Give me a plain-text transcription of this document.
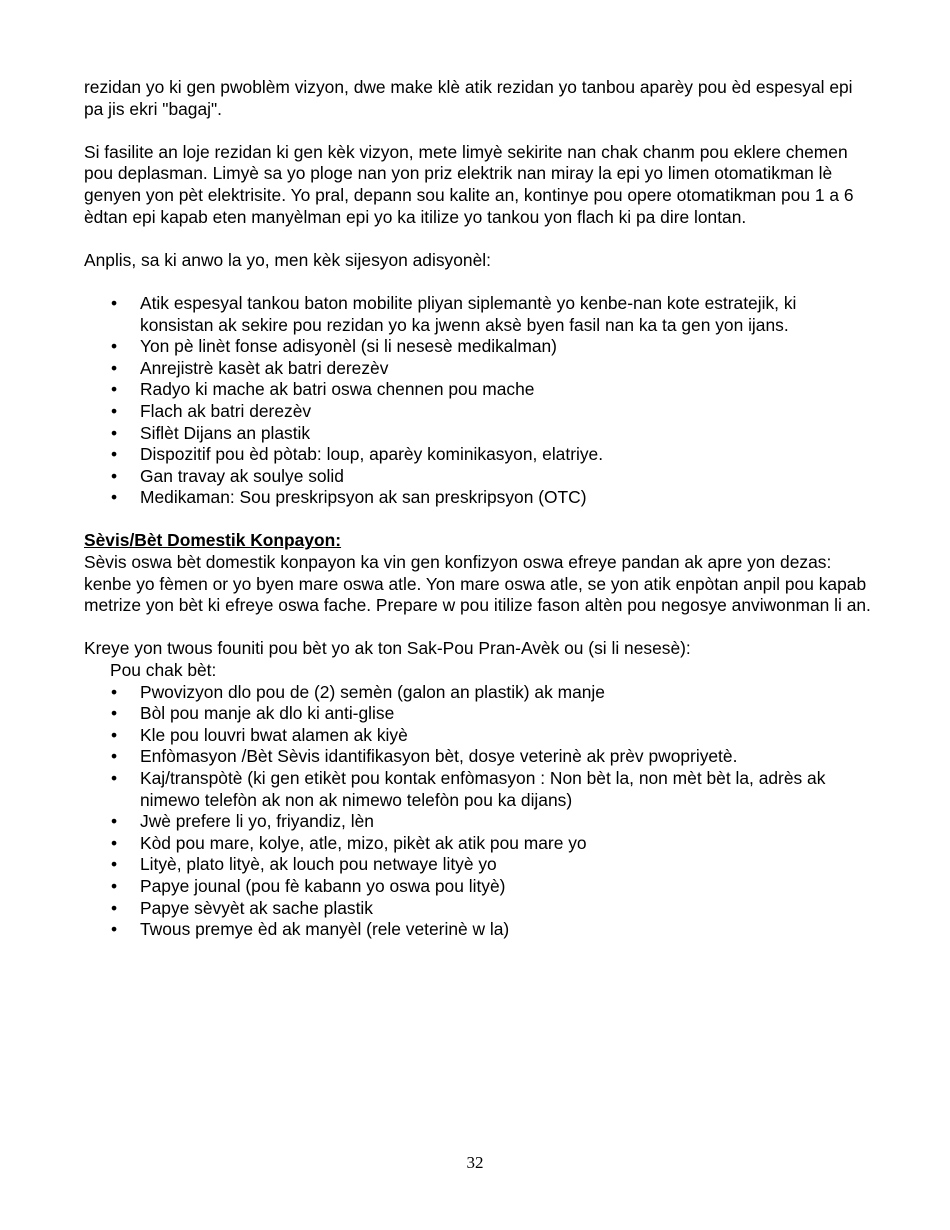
rezidan yo ki gen pwoblèm vizyon, dwe make klè atik rezidan yo tanbou aparèy pou èd espesyal epi pa jis ekri "bagaj".

Si fasilite an loje rezidan ki gen kèk vizyon, mete limyè sekirite nan chak chanm pou eklere chemen pou deplasman. Limyè sa yo ploge nan yon priz elektrik nan miray la epi yo limen otomatikman lè genyen yon pèt elektrisite. Yo pral, depann sou kalite an, kontinye pou opere otomatikman pou 1 a 6 èdtan epi kapab eten manyèlman epi yo ka itilize yo tankou yon flach ki pa dire lontan.

Anplis, sa ki anwo la yo, men kèk sijesyon adisyonèl:

• Atik espesyal tankou baton mobilite pliyan siplemantè yo kenbe-nan kote estratejik, ki konsistan ak sekire pou rezidan yo ka jwenn aksè byen fasil nan ka ta gen yon ijans.
• Yon pè linèt fonse adisyonèl (si li nesesè medikalman)
• Anrejistrè kasèt ak batri derezèv
• Radyo ki mache ak batri oswa chennen pou mache
• Flach ak batri derezèv
• Siflèt Dijans an plastik
• Dispozitif pou èd pòtab: loup, aparèy kominikasyon, elatriye.
• Gan travay ak soulye solid
• Medikaman: Sou preskripsyon ak san preskripsyon (OTC)

Sèvis/Bèt Domestik Konpayon:

Sèvis oswa bèt domestik konpayon ka vin gen konfizyon oswa efreye pandan ak apre yon dezas: kenbe yo fèmen or yo byen mare oswa atle. Yon mare oswa atle, se yon atik enpòtan anpil pou kapab metrize yon bèt ki efreye oswa fache. Prepare w pou itilize fason altèn pou negosye anviwonman li an.

Kreye yon twous founiti pou bèt yo ak ton Sak-Pou Pran-Avèk ou (si li nesesè):

Pou chak bèt:

• Pwovizyon dlo pou de (2) semèn (galon an plastik) ak manje
• Bòl pou manje ak dlo ki anti-glise
• Kle pou louvri bwat alamen ak kiyè
• Enfòmasyon /Bèt Sèvis idantifikasyon bèt, dosye veterinè ak prèv pwopriyetè.
• Kaj/transpòtè (ki gen etikèt pou kontak enfòmasyon : Non bèt la, non mèt bèt la, adrès ak nimewo telefòn ak non ak nimewo telefòn pou ka dijans)
• Jwè prefere li yo, friyandiz, lèn
• Kòd pou mare, kolye, atle, mizo, pikèt ak atik pou mare yo
• Lityè, plato lityè, ak louch pou netwaye lityè yo
• Papye jounal (pou fè kabann yo oswa pou lityè)
• Papye sèvyèt ak sache plastik
• Twous premye èd ak manyèl (rele veterinè w la)
32
